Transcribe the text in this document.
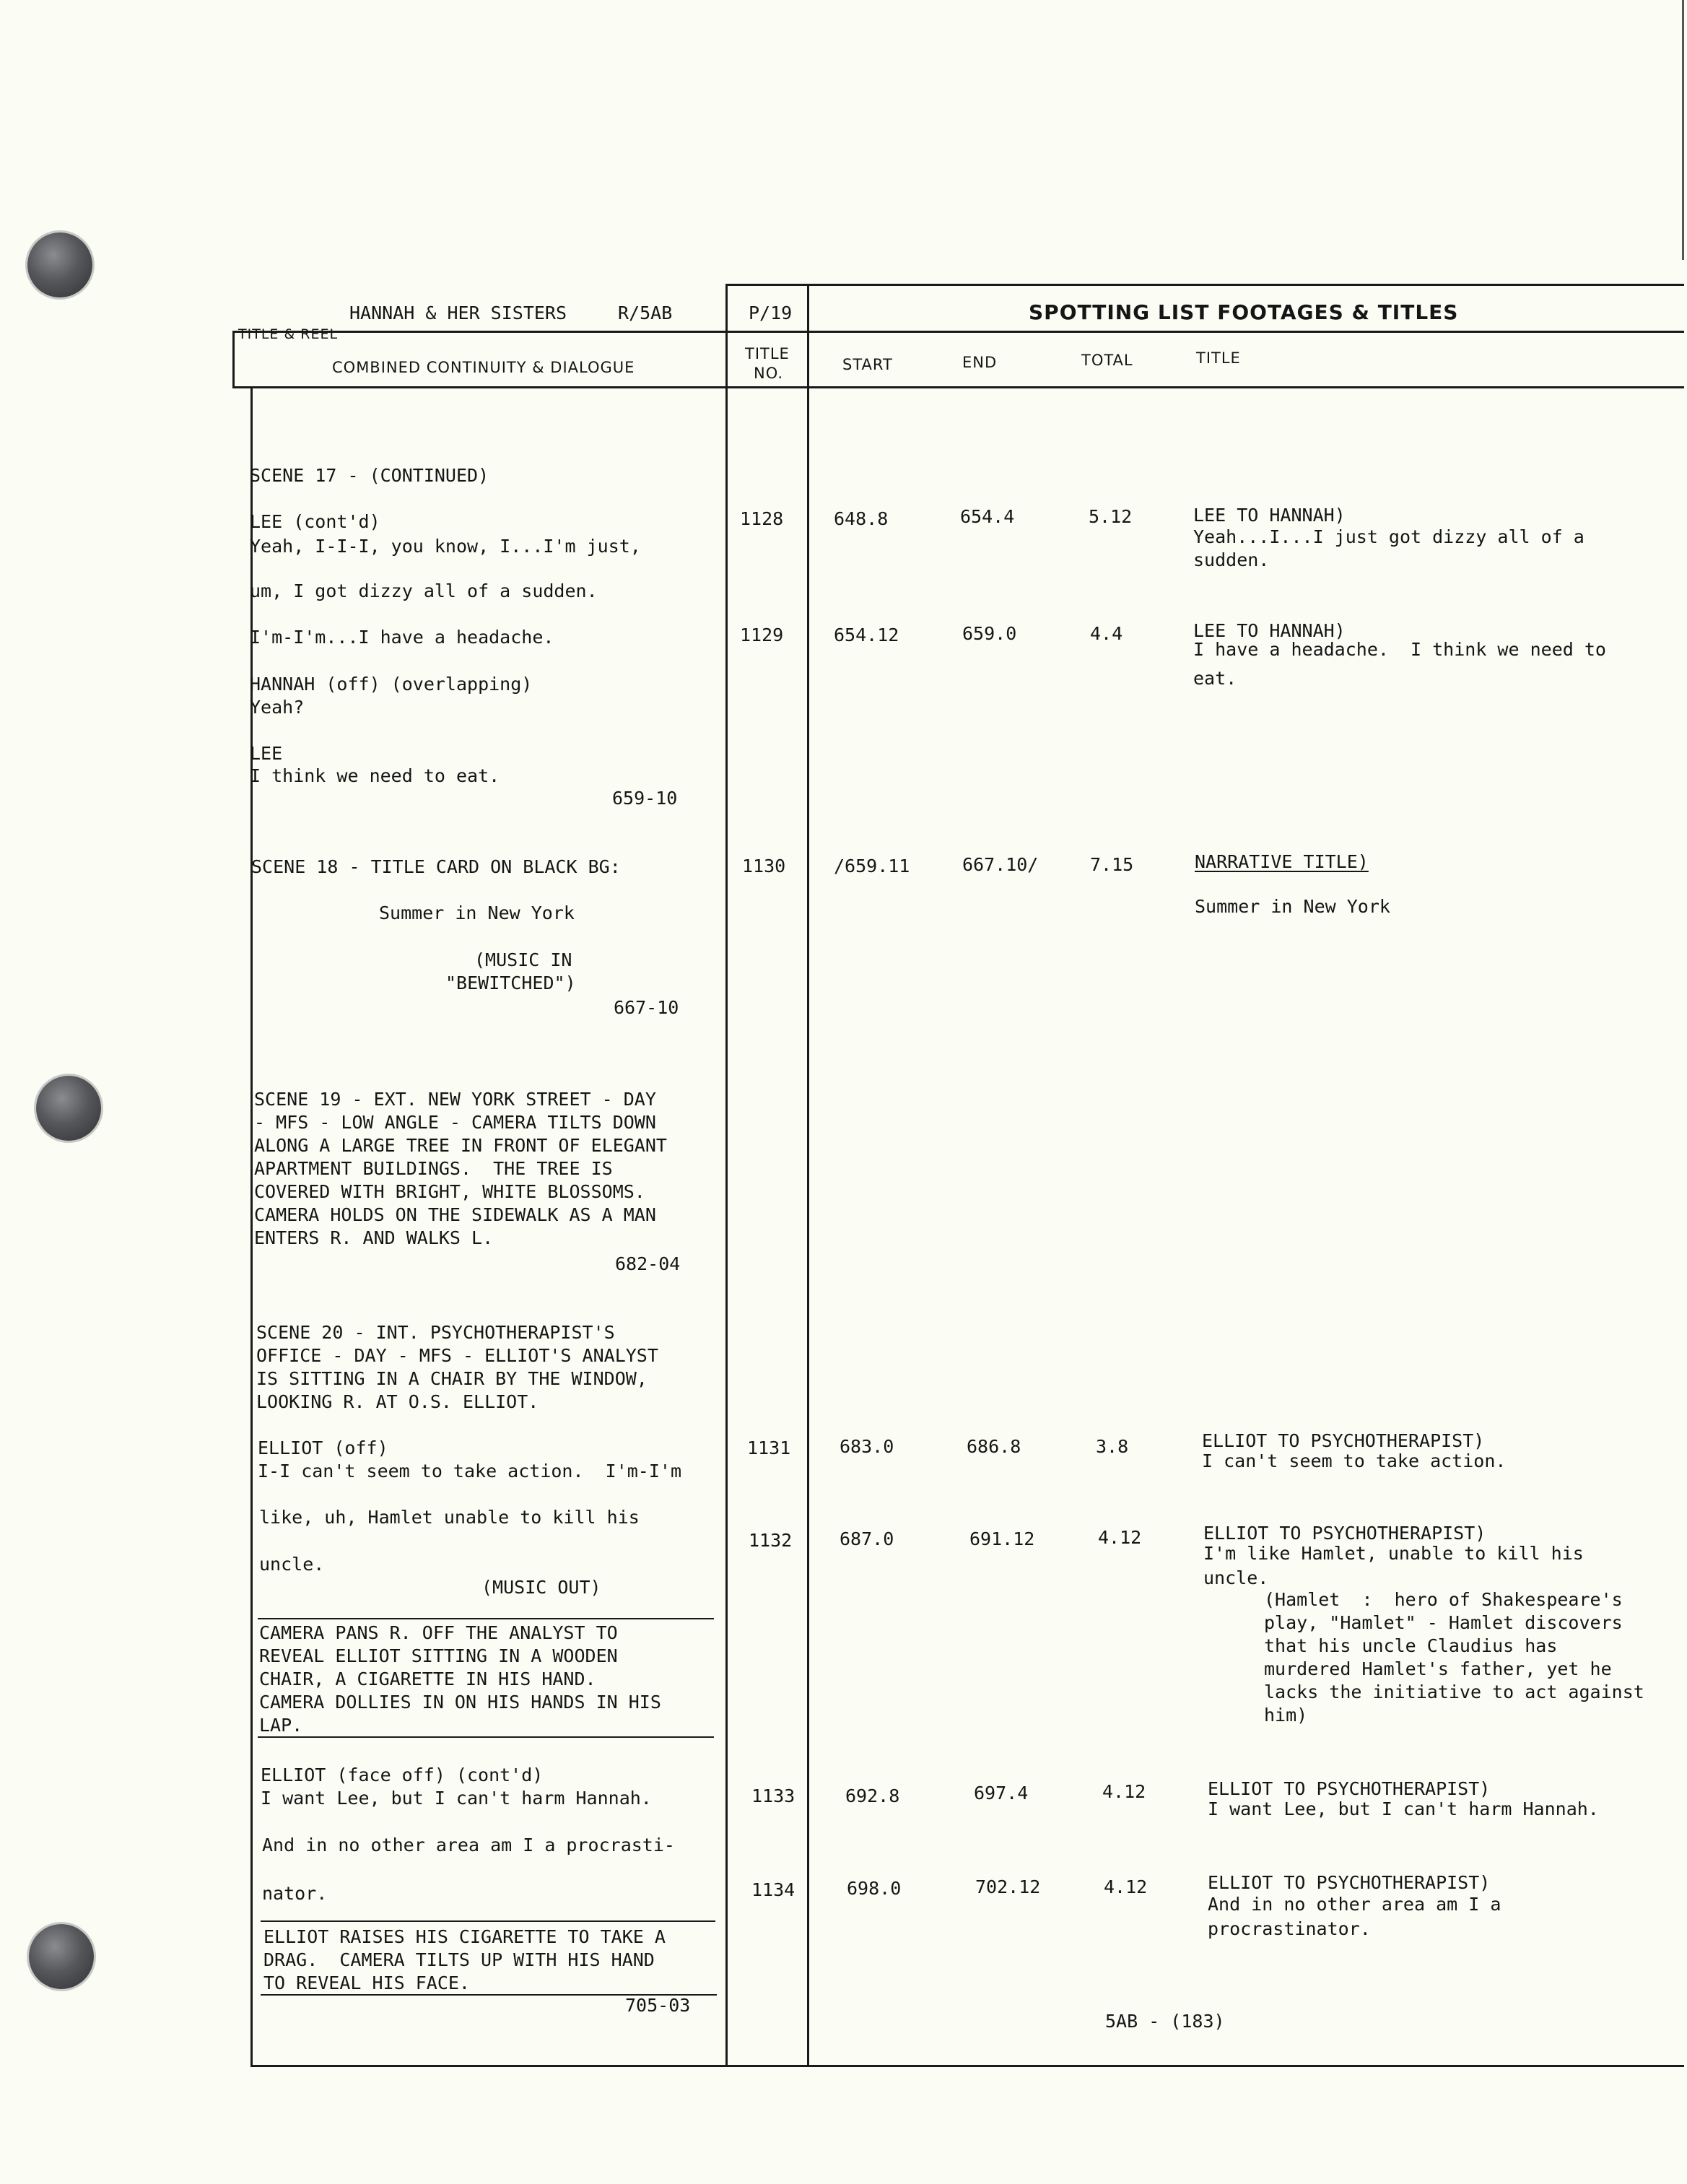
HANNAH & HER SISTERS	R/5AB
TITLE & REEL
P/19	SPOTTING LIST FOOTAGES & TITLES
COMBINED CONTINUITY & DIALOGUE
TITLE
NO.	START	END	TOTAL	TITLE
SCENE 17 - (CONTINUED)
LEE (cont'd)
Yeah, I-I-I, you know, I...I'm just,
um, I got dizzy all of a sudden.
I'm-I'm...I have a headache.
HANNAH (off) (overlapping)
Yeah?
LEE
I think we need to eat.
659-10
SCENE 18 - TITLE CARD ON BLACK BG:
Summer in New York
(MUSIC IN
"BEWITCHED")
667-10
SCENE 19 - EXT. NEW YORK STREET - DAY
- MFS - LOW ANGLE - CAMERA TILTS DOWN
ALONG A LARGE TREE IN FRONT OF ELEGANT
APARTMENT BUILDINGS.  THE TREE IS
COVERED WITH BRIGHT, WHITE BLOSSOMS.
CAMERA HOLDS ON THE SIDEWALK AS A MAN
ENTERS R. AND WALKS L.
682-04
SCENE 20 - INT. PSYCHOTHERAPIST'S
OFFICE - DAY - MFS - ELLIOT'S ANALYST
IS SITTING IN A CHAIR BY THE WINDOW,
LOOKING R. AT O.S. ELLIOT.
ELLIOT (off)
I-I can't seem to take action.  I'm-I'm
like, uh, Hamlet unable to kill his
uncle.
(MUSIC OUT)
CAMERA PANS R. OFF THE ANALYST TO
REVEAL ELLIOT SITTING IN A WOODEN
CHAIR, A CIGARETTE IN HIS HAND.
CAMERA DOLLIES IN ON HIS HANDS IN HIS
LAP.
ELLIOT (face off) (cont'd)
I want Lee, but I can't harm Hannah.
And in no other area am I a procrasti-
nator.
ELLIOT RAISES HIS CIGARETTE TO TAKE A
DRAG.  CAMERA TILTS UP WITH HIS HAND
TO REVEAL HIS FACE.
705-03
1128	648.8	654.4	5.12	LEE TO HANNAH)
Yeah...I...I just got dizzy all of a
sudden.
1129	654.12	659.0	4.4	LEE TO HANNAH)
I have a headache.  I think we need to
eat.
1130	/659.11	667.10/	7.15	NARRATIVE TITLE)
Summer in New York
1131	683.0	686.8	3.8	ELLIOT TO PSYCHOTHERAPIST)
I can't seem to take action.
1132	687.0	691.12	4.12	ELLIOT TO PSYCHOTHERAPIST)
I'm like Hamlet, unable to kill his
uncle.
(Hamlet  :  hero of Shakespeare's
play, "Hamlet" - Hamlet discovers
that his uncle Claudius has
murdered Hamlet's father, yet he
lacks the initiative to act against
him)
1133	692.8	697.4	4.12	ELLIOT TO PSYCHOTHERAPIST)
I want Lee, but I can't harm Hannah.
1134	698.0	702.12	4.12	ELLIOT TO PSYCHOTHERAPIST)
And in no other area am I a
procrastinator.
5AB - (183)
